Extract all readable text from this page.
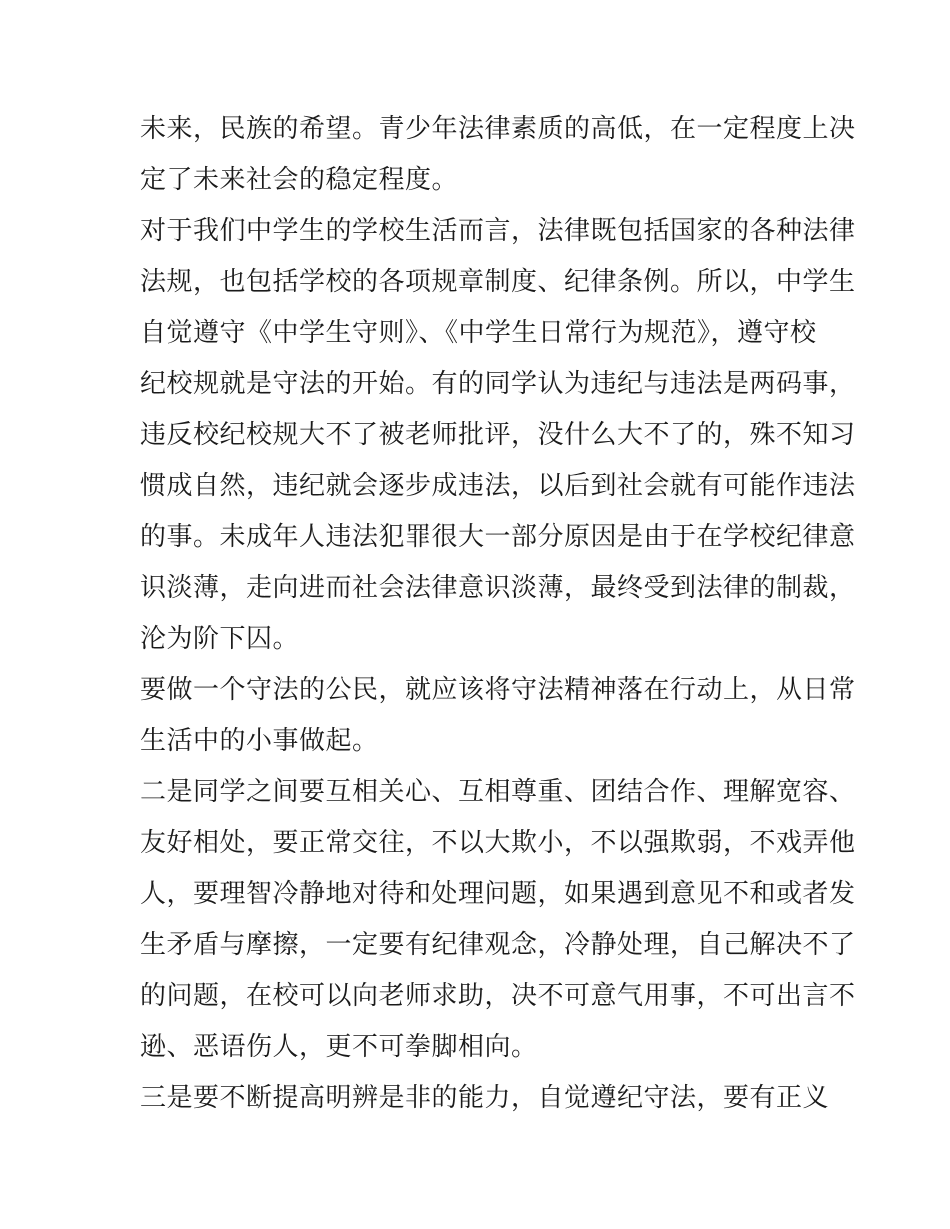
未来，民族的希望。青少年法律素质的高低，在一定程度上决
定了未来社会的稳定程度。
对于我们中学生的学校生活而言，法律既包括国家的各种法律
法规，也包括学校的各项规章制度、纪律条例。所以，中学生
自觉遵守《中学生守则》、《中学生日常行为规范》，遵守校
纪校规就是守法的开始。有的同学认为违纪与违法是两码事，
违反校纪校规大不了被老师批评，没什么大不了的，殊不知习
惯成自然，违纪就会逐步成违法，以后到社会就有可能作违法
的事。未成年人违法犯罪很大一部分原因是由于在学校纪律意
识淡薄，走向进而社会法律意识淡薄，最终受到法律的制裁，
沦为阶下囚。
要做一个守法的公民，就应该将守法精神落在行动上，从日常
生活中的小事做起。
二是同学之间要互相关心、互相尊重、团结合作、理解宽容、
友好相处，要正常交往，不以大欺小，不以强欺弱，不戏弄他
人，要理智冷静地对待和处理问题，如果遇到意见不和或者发
生矛盾与摩擦，一定要有纪律观念，冷静处理，自己解决不了
的问题，在校可以向老师求助，决不可意气用事，不可出言不
逊、恶语伤人，更不可拳脚相向。
三是要不断提高明辨是非的能力，自觉遵纪守法，要有正义
